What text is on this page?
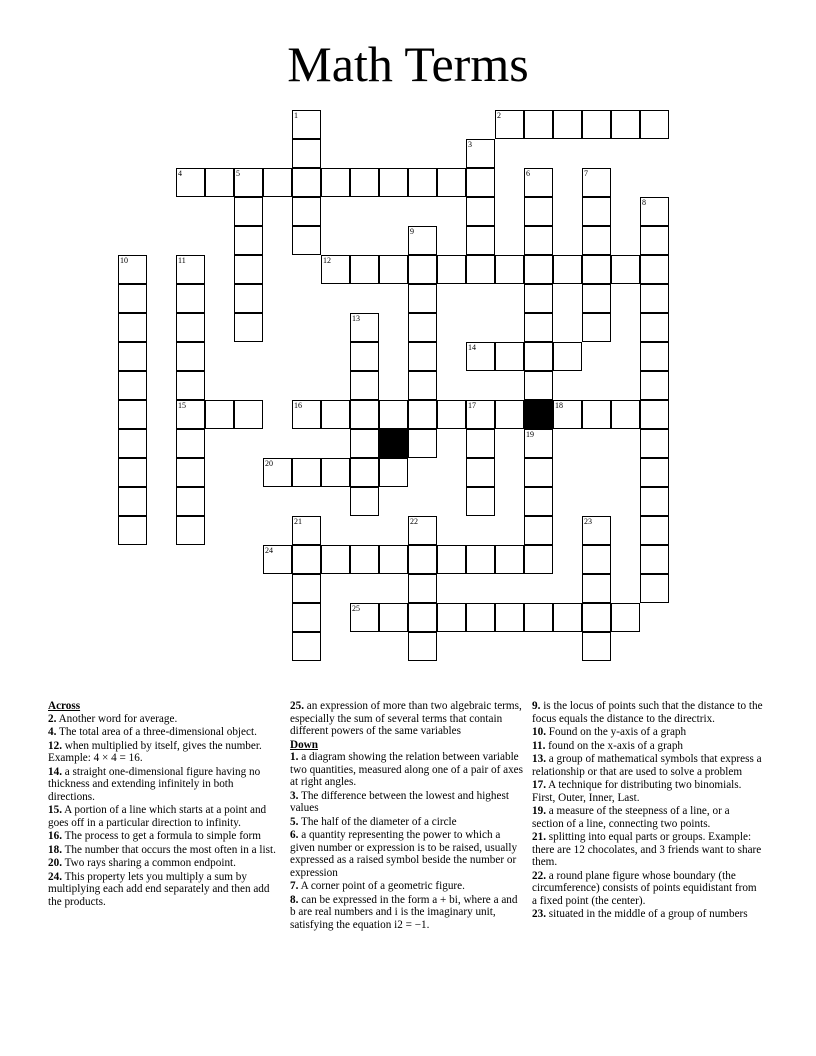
Math Terms
1	2
3
4	5	6	7
8
9
10	11	12
13
14
15	16	17	18
19
20
21	22	23
24
25
Across
2. Another word for average.
4. The total area of a three-dimensional object.
12. when multiplied by itself, gives the number. Example: 4 × 4 = 16.
14. a straight one-dimensional figure having no thickness and extending infinitely in both directions.
15. A portion of a line which starts at a point and goes off in a particular direction to infinity.
16. The process to get a formula to simple form
18. The number that occurs the most often in a list.
20. Two rays sharing a common endpoint.
24. This property lets you multiply a sum by multiplying each add end separately and then add the products.
25. an expression of more than two algebraic terms, especially the sum of several terms that contain different powers of the same variables
Down
1. a diagram showing the relation between variable two quantities, measured along one of a pair of axes at right angles.
3. The difference between the lowest and highest values
5. The half of the diameter of a circle
6. a quantity representing the power to which a given number or expression is to be raised, usually expressed as a raised symbol beside the number or expression
7. A corner point of a geometric figure.
8. can be expressed in the form a + bi, where a and b are real numbers and i is the imaginary unit, satisfying the equation i2 = −1.
9. is the locus of points such that the distance to the focus equals the distance to the directrix.
10. Found on the y-axis of a graph
11. found on the x-axis of a graph
13. a group of mathematical symbols that express a relationship or that are used to solve a problem
17. A technique for distributing two binomials. First, Outer, Inner, Last.
19. a measure of the steepness of a line, or a section of a line, connecting two points.
21. splitting into equal parts or groups. Example: there are 12 chocolates, and 3 friends want to share them.
22. a round plane figure whose boundary (the circumference) consists of points equidistant from a fixed point (the center).
23. situated in the middle of a group of numbers
